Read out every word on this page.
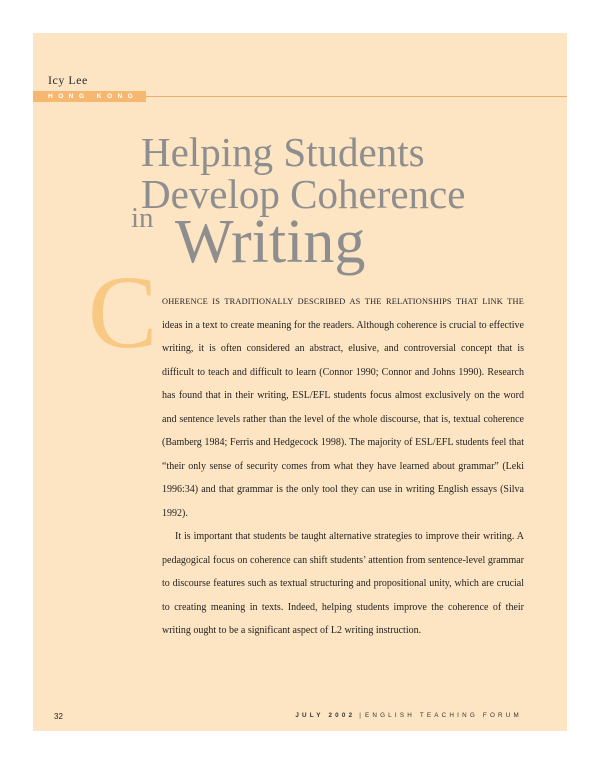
Icy Lee
HONG KONG
Helping Students
Develop Coherence
in Writing
C OHERENCE IS TRADITIONALLY DESCRIBED AS THE RELATIONSHIPS THAT LINK THE ideas in a text to create meaning for the readers. Although coherence is crucial to effective writing, it is often considered an abstract, elusive, and controversial concept that is difficult to teach and difficult to learn (Connor 1990; Connor and Johns 1990). Research has found that in their writing, ESL/EFL students focus almost exclusively on the word and sentence levels rather than the level of the whole discourse, that is, textual coherence (Bamberg 1984; Ferris and Hedgecock 1998). The majority of ESL/EFL students feel that “their only sense of security comes from what they have learned about grammar” (Leki 1996:34) and that grammar is the only tool they can use in writing English essays (Silva 1992).

It is important that students be taught alternative strategies to improve their writing. A pedagogical focus on coherence can shift students’ attention from sentence-level grammar to discourse features such as textual structuring and propositional unity, which are crucial to creating meaning in texts. Indeed, helping students improve the coherence of their writing ought to be a significant aspect of L2 writing instruction.

32	JULY 2002 | ENGLISH TEACHING FORUM
